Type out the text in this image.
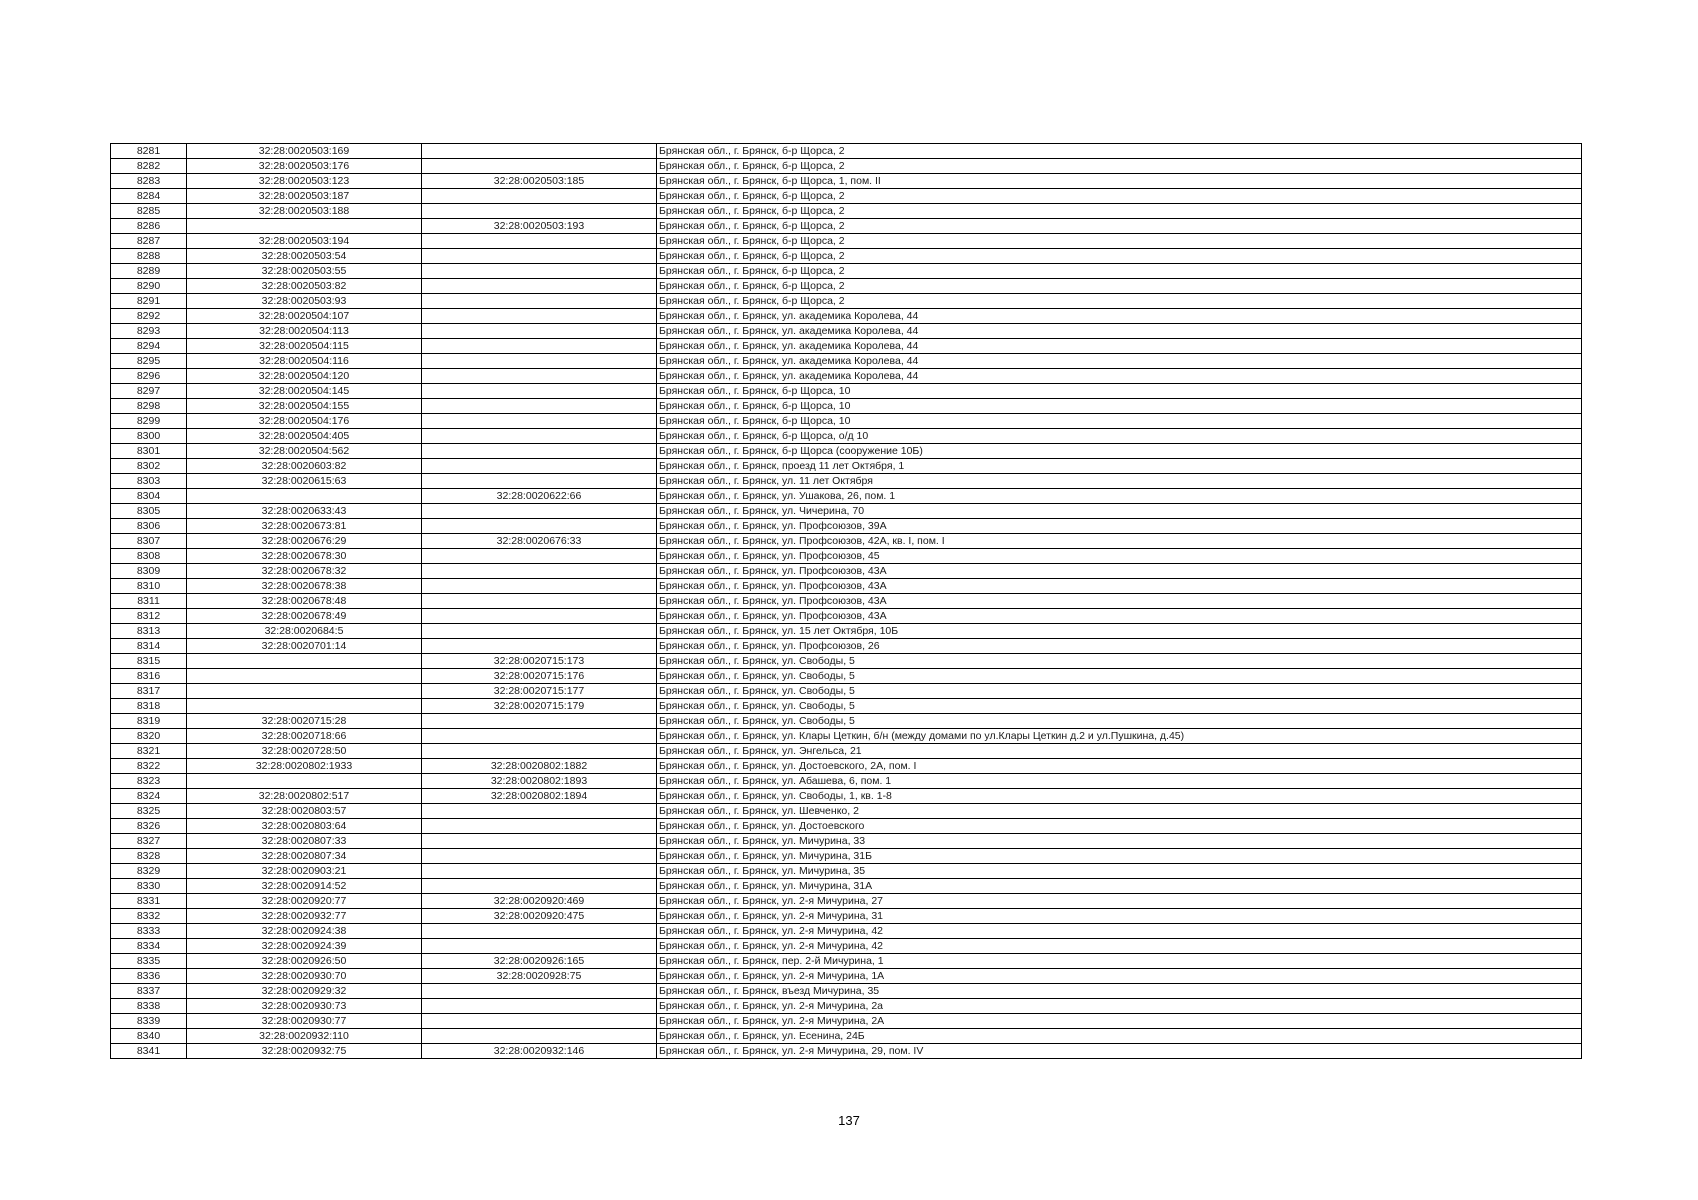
8281	32:28:0020503:169		Брянская обл., г. Брянск, б-р Щорса, 2
8282	32:28:0020503:176		Брянская обл., г. Брянск, б-р Щорса, 2
8283	32:28:0020503:123	32:28:0020503:185	Брянская обл., г. Брянск, б-р Щорса, 1, пом. II
8284	32:28:0020503:187		Брянская обл., г. Брянск, б-р Щорса, 2
8285	32:28:0020503:188		Брянская обл., г. Брянск, б-р Щорса, 2
8286		32:28:0020503:193	Брянская обл., г. Брянск, б-р Щорса, 2
8287	32:28:0020503:194		Брянская обл., г. Брянск, б-р Щорса, 2
8288	32:28:0020503:54		Брянская обл., г. Брянск, б-р Щорса, 2
8289	32:28:0020503:55		Брянская обл., г. Брянск, б-р Щорса, 2
8290	32:28:0020503:82		Брянская обл., г. Брянск, б-р Щорса, 2
8291	32:28:0020503:93		Брянская обл., г. Брянск, б-р Щорса, 2
8292	32:28:0020504:107		Брянская обл., г. Брянск, ул. академика Королева, 44
8293	32:28:0020504:113		Брянская обл., г. Брянск, ул. академика Королева, 44
8294	32:28:0020504:115		Брянская обл., г. Брянск, ул. академика Королева, 44
8295	32:28:0020504:116		Брянская обл., г. Брянск, ул. академика Королева, 44
8296	32:28:0020504:120		Брянская обл., г. Брянск, ул. академика Королева, 44
8297	32:28:0020504:145		Брянская обл., г. Брянск, б-р Щорса, 10
8298	32:28:0020504:155		Брянская обл., г. Брянск, б-р Щорса, 10
8299	32:28:0020504:176		Брянская обл., г. Брянск, б-р Щорса, 10
8300	32:28:0020504:405		Брянская обл., г. Брянск, б-р Щорса, о/д 10
8301	32:28:0020504:562		Брянская обл., г. Брянск, б-р Щорса (сооружение 10Б)
8302	32:28:0020603:82		Брянская обл., г. Брянск, проезд 11 лет Октября, 1
8303	32:28:0020615:63		Брянская обл., г. Брянск, ул. 11 лет Октября
8304		32:28:0020622:66	Брянская обл., г. Брянск, ул. Ушакова, 26, пом. 1
8305	32:28:0020633:43		Брянская обл., г. Брянск, ул. Чичерина, 70
8306	32:28:0020673:81		Брянская обл., г. Брянск, ул. Профсоюзов, 39А
8307	32:28:0020676:29	32:28:0020676:33	Брянская обл., г. Брянск, ул. Профсоюзов, 42А, кв. I, пом. I
8308	32:28:0020678:30		Брянская обл., г. Брянск, ул. Профсоюзов, 45
8309	32:28:0020678:32		Брянская обл., г. Брянск, ул. Профсоюзов, 43А
8310	32:28:0020678:38		Брянская обл., г. Брянск, ул. Профсоюзов, 43А
8311	32:28:0020678:48		Брянская обл., г. Брянск, ул. Профсоюзов, 43А
8312	32:28:0020678:49		Брянская обл., г. Брянск, ул. Профсоюзов, 43А
8313	32:28:0020684:5		Брянская обл., г. Брянск, ул. 15 лет Октября, 10Б
8314	32:28:0020701:14		Брянская обл., г. Брянск, ул. Профсоюзов, 26
8315		32:28:0020715:173	Брянская обл., г. Брянск, ул. Свободы, 5
8316		32:28:0020715:176	Брянская обл., г. Брянск, ул. Свободы, 5
8317		32:28:0020715:177	Брянская обл., г. Брянск, ул. Свободы, 5
8318		32:28:0020715:179	Брянская обл., г. Брянск, ул. Свободы, 5
8319	32:28:0020715:28		Брянская обл., г. Брянск, ул. Свободы, 5
8320	32:28:0020718:66		Брянская обл., г. Брянск, ул. Клары Цеткин, б/н (между домами по ул.Клары Цеткин д.2 и ул.Пушкина, д.45)
8321	32:28:0020728:50		Брянская обл., г. Брянск, ул. Энгельса, 21
8322	32:28:0020802:1933	32:28:0020802:1882	Брянская обл., г. Брянск, ул. Достоевского, 2А, пом. I
8323		32:28:0020802:1893	Брянская обл., г. Брянск, ул. Абашева, 6, пом. 1
8324	32:28:0020802:517	32:28:0020802:1894	Брянская обл., г. Брянск, ул. Свободы, 1, кв. 1-8
8325	32:28:0020803:57		Брянская обл., г. Брянск, ул. Шевченко, 2
8326	32:28:0020803:64		Брянская обл., г. Брянск, ул. Достоевского
8327	32:28:0020807:33		Брянская обл., г. Брянск, ул. Мичурина, 33
8328	32:28:0020807:34		Брянская обл., г. Брянск, ул. Мичурина, 31Б
8329	32:28:0020903:21		Брянская обл., г. Брянск, ул. Мичурина, 35
8330	32:28:0020914:52		Брянская обл., г. Брянск, ул. Мичурина, 31А
8331	32:28:0020920:77	32:28:0020920:469	Брянская обл., г. Брянск, ул. 2-я Мичурина, 27
8332	32:28:0020932:77	32:28:0020920:475	Брянская обл., г. Брянск, ул. 2-я Мичурина, 31
8333	32:28:0020924:38		Брянская обл., г. Брянск, ул. 2-я Мичурина, 42
8334	32:28:0020924:39		Брянская обл., г. Брянск, ул. 2-я Мичурина, 42
8335	32:28:0020926:50	32:28:0020926:165	Брянская обл., г. Брянск, пер. 2-й Мичурина, 1
8336	32:28:0020930:70	32:28:0020928:75	Брянская обл., г. Брянск, ул. 2-я Мичурина, 1А
8337	32:28:0020929:32		Брянская обл., г. Брянск, въезд Мичурина, 35
8338	32:28:0020930:73		Брянская обл., г. Брянск, ул. 2-я Мичурина, 2а
8339	32:28:0020930:77		Брянская обл., г. Брянск, ул. 2-я Мичурина, 2А
8340	32:28:0020932:110		Брянская обл., г. Брянск, ул. Есенина, 24Б
8341	32:28:0020932:75	32:28:0020932:146	Брянская обл., г. Брянск, ул. 2-я Мичурина, 29, пом. IV
137
